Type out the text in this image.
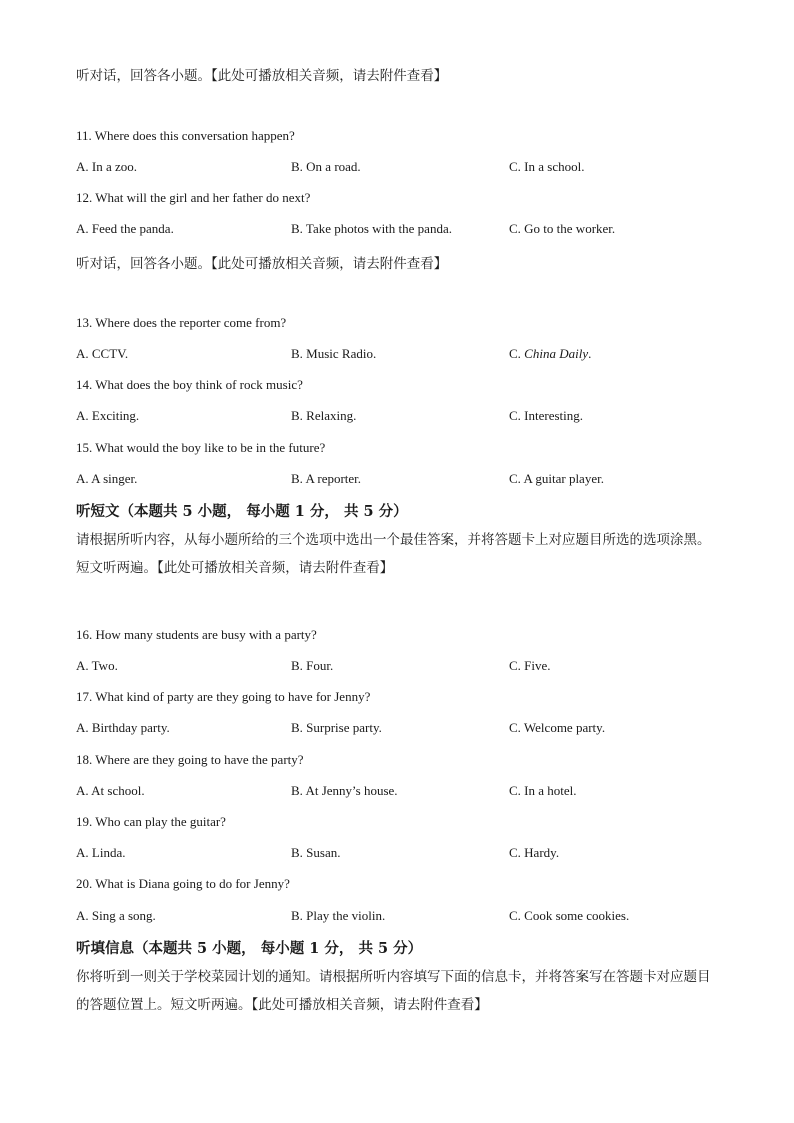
听对话，回答各小题。【此处可播放相关音频，请去附件查看】
11. Where does this conversation happen?
A. In a zoo.	B. On a road.	C. In a school.
12. What will the girl and her father do next?
A. Feed the panda.	B. Take photos with the panda.	C. Go to the worker.
听对话，回答各小题。【此处可播放相关音频，请去附件查看】
13. Where does the reporter come from?
A. CCTV.	B. Music Radio.	C. China Daily.
14. What does the boy think of rock music?
A. Exciting.	B. Relaxing.	C. Interesting.
15. What would the boy like to be in the future?
A. A singer.	B. A reporter.	C. A guitar player.
听短文（本题共 5 小题， 每小题 1 分， 共 5 分）
请根据所听内容，从每小题所给的三个选项中选出一个最佳答案，并将答题卡上对应题目所选的选项涂黑。短文听两遍。【此处可播放相关音频，请去附件查看】
16. How many students are busy with a party?
A. Two.	B. Four.	C. Five.
17. What kind of party are they going to have for Jenny?
A. Birthday party.	B. Surprise party.	C. Welcome party.
18. Where are they going to have the party?
A. At school.	B. At Jenny’s house.	C. In a hotel.
19. Who can play the guitar?
A. Linda.	B. Susan.	C. Hardy.
20. What is Diana going to do for Jenny?
A. Sing a song.	B. Play the violin.	C. Cook some cookies.
听填信息（本题共 5 小题， 每小题 1 分， 共 5 分）
你将听到一则关于学校菜园计划的通知。请根据所听内容填写下面的信息卡，并将答案写在答题卡对应题目的答题位置上。短文听两遍。【此处可播放相关音频，请去附件查看】
